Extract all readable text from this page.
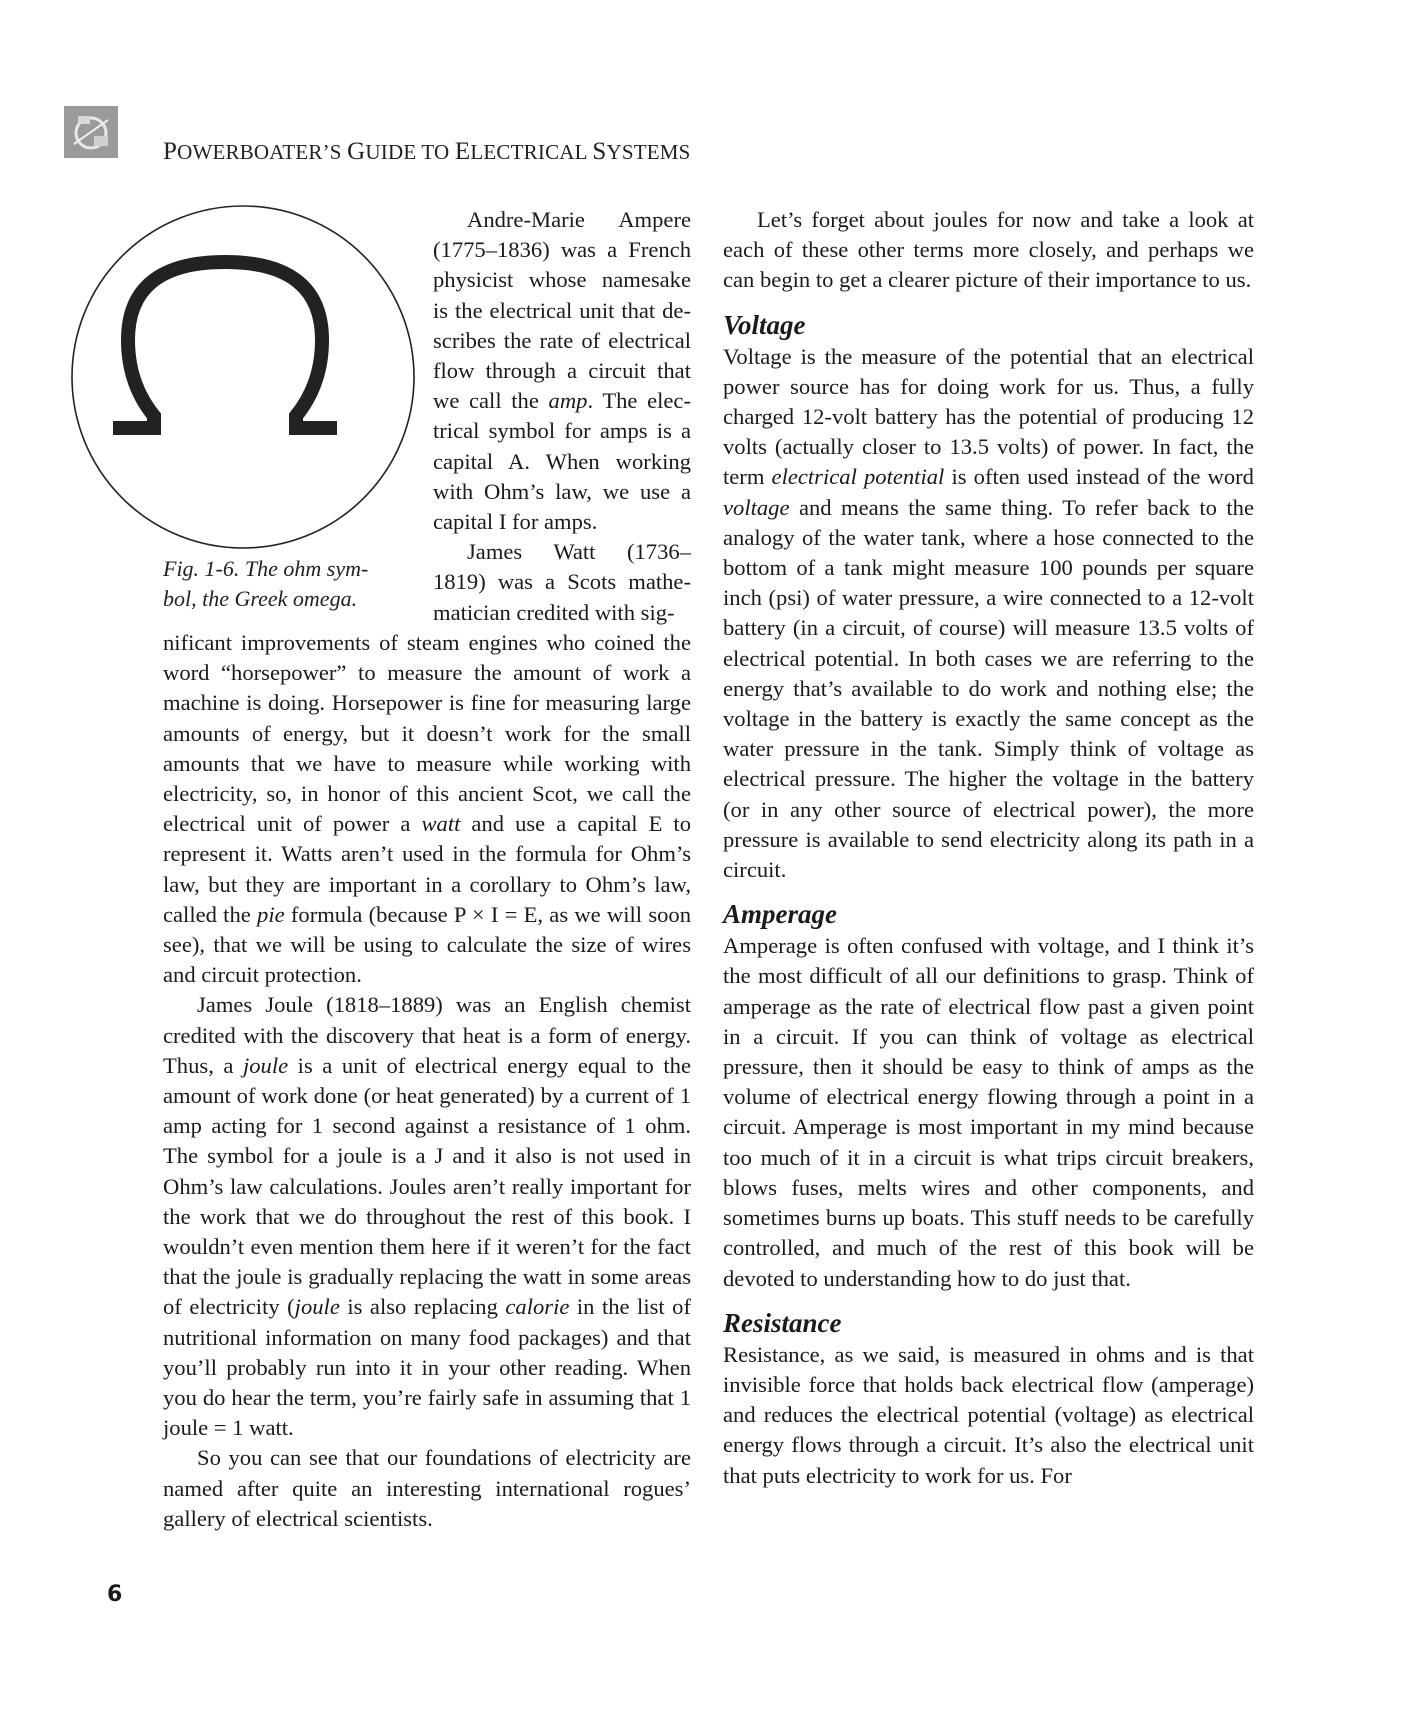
POWERBOATER’S GUIDE TO ELECTRICAL SYSTEMS
Fig. 1-6. The ohm sym-
bol, the Greek omega.

Andre-Marie Ampere (1775–1836) was a French physicist whose namesake is the electrical unit that describes the rate of electrical flow through a circuit that we call the amp. The electrical symbol for amps is a capital A. When working with Ohm’s law, we use a capital I for amps.

James Watt (1736–1819) was a Scots mathematician credited with sig-

nificant improvements of steam engines who coined the word “horsepower” to measure the amount of work a machine is doing. Horsepower is fine for measuring large amounts of energy, but it doesn’t work for the small amounts that we have to measure while working with electricity, so, in honor of this ancient Scot, we call the electrical unit of power a watt and use a capital E to represent it. Watts aren’t used in the formula for Ohm’s law, but they are important in a corollary to Ohm’s law, called the pie formula (because P × I = E, as we will soon see), that we will be using to calculate the size of wires and circuit protection.

James Joule (1818–1889) was an English chemist credited with the discovery that heat is a form of energy. Thus, a joule is a unit of electrical energy equal to the amount of work done (or heat generated) by a current of 1 amp acting for 1 second against a resistance of 1 ohm. The symbol for a joule is a J and it also is not used in Ohm’s law calculations. Joules aren’t really important for the work that we do throughout the rest of this book. I wouldn’t even mention them here if it weren’t for the fact that the joule is gradually replacing the watt in some areas of electricity (joule is also replacing calorie in the list of nutritional information on many food packages) and that you’ll probably run into it in your other reading. When you do hear the term, you’re fairly safe in assuming that 1 joule = 1 watt.

So you can see that our foundations of electricity are named after quite an interesting international rogues’ gallery of electrical scientists.

Let’s forget about joules for now and take a look at each of these other terms more closely, and perhaps we can begin to get a clearer picture of their importance to us.

Voltage

Voltage is the measure of the potential that an electrical power source has for doing work for us. Thus, a fully charged 12-volt battery has the potential of producing 12 volts (actually closer to 13.5 volts) of power. In fact, the term electrical potential is often used instead of the word voltage and means the same thing. To refer back to the analogy of the water tank, where a hose connected to the bottom of a tank might measure 100 pounds per square inch (psi) of water pressure, a wire connected to a 12-volt battery (in a circuit, of course) will measure 13.5 volts of electrical potential. In both cases we are referring to the energy that’s available to do work and nothing else; the voltage in the battery is exactly the same concept as the water pressure in the tank. Simply think of voltage as electrical pressure. The higher the voltage in the battery (or in any other source of electrical power), the more pressure is available to send electricity along its path in a circuit.

Amperage

Amperage is often confused with voltage, and I think it’s the most difficult of all our definitions to grasp. Think of amperage as the rate of electrical flow past a given point in a circuit. If you can think of voltage as electrical pressure, then it should be easy to think of amps as the volume of electrical energy flowing through a point in a circuit. Amperage is most important in my mind because too much of it in a circuit is what trips circuit breakers, blows fuses, melts wires and other components, and sometimes burns up boats. This stuff needs to be carefully controlled, and much of the rest of this book will be devoted to understanding how to do just that.

Resistance

Resistance, as we said, is measured in ohms and is that invisible force that holds back electrical flow (amperage) and reduces the electrical potential (voltage) as electrical energy flows through a circuit. It’s also the electrical unit that puts electricity to work for us. For

6
